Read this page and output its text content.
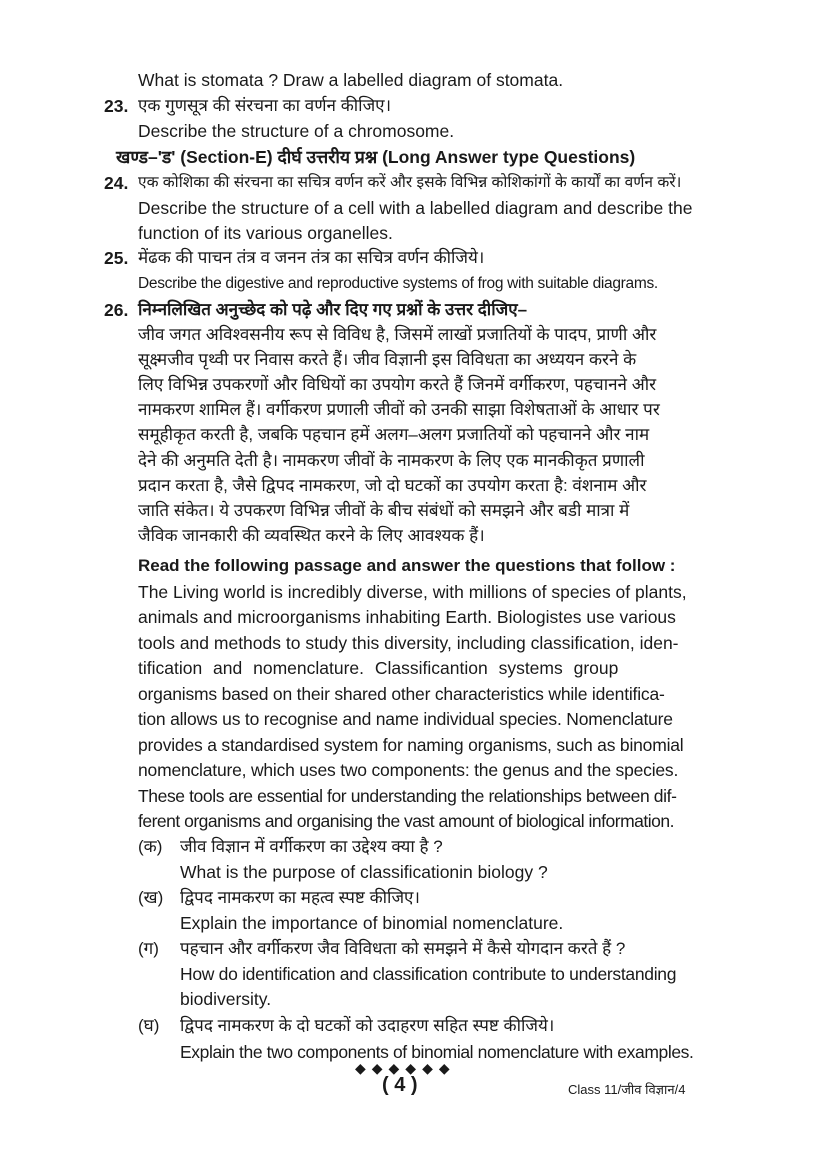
What is stomata ? Draw a labelled diagram of stomata.
23. एक गुणसूत्र की संरचना का वर्णन कीजिए।
Describe the structure of a chromosome.
खण्ड–'ड' (Section-E) दीर्घ उत्तरीय प्रश्न (Long Answer type Questions)
24. एक कोशिका की संरचना का सचित्र वर्णन करें और इसके विभिन्न कोशिकांगों के कार्यों का वर्णन करें।
Describe the structure of a cell with a labelled diagram and describe the
function of its various organelles.
25. मेंढक की पाचन तंत्र व जनन तंत्र का सचित्र वर्णन कीजिये।
Describe the digestive and reproductive systems of frog with suitable diagrams.
26. निम्नलिखित अनुच्छेद को पढ़े और दिए गए प्रश्नों के उत्तर दीजिए–
जीव जगत अविश्वसनीय रूप से विविध है, जिसमें लाखों प्रजातियों के पादप, प्राणी और
सूक्ष्मजीव पृथ्वी पर निवास करते हैं। जीव विज्ञानी इस विविधता का अध्ययन करने के
लिए विभिन्न उपकरणों और विधियों का उपयोग करते हैं जिनमें वर्गीकरण, पहचानने और
नामकरण शामिल हैं। वर्गीकरण प्रणाली जीवों को उनकी साझा विशेषताओं के आधार पर
समूहीकृत करती है, जबकि पहचान हमें अलग–अलग प्रजातियों को पहचानने और नाम
देने की अनुमति देती है। नामकरण जीवों के नामकरण के लिए एक मानकीकृत प्रणाली
प्रदान करता है, जैसे द्विपद नामकरण, जो दो घटकों का उपयोग करता है: वंशनाम और
जाति संकेत। ये उपकरण विभिन्न जीवों के बीच संबंधों को समझने और बडी मात्रा में
जैविक जानकारी की व्यवस्थित करने के लिए आवश्यक हैं।
Read the following passage and answer the questions that follow :
The Living world is incredibly diverse, with millions of species of plants,
animals and microorganisms inhabiting Earth. Biologistes use various
tools and methods to study this diversity, including classification, iden-
tification and nomenclature. Classificantion systems group
organisms based on their shared other characteristics while identifica-
tion allows us to recognise and name individual species. Nomenclature
provides a standardised system for naming organisms, such as binomial
nomenclature, which uses two components: the genus and the species.
These tools are essential for understanding the relationships between dif-
ferent organisms and organising the vast amount of biological information.
(क) जीव विज्ञान में वर्गीकरण का उद्देश्य क्या है ?
What is the purpose of classificationin biology ?
(ख) द्विपद नामकरण का महत्व स्पष्ट कीजिए।
Explain the importance of binomial nomenclature.
(ग) पहचान और वर्गीकरण जैव विविधता को समझने में कैसे योगदान करते हैं ?
How do identification and classification contribute to understanding
biodiversity.
(घ) द्विपद नामकरण के दो घटकों को उदाहरण सहित स्पष्ट कीजिये।
Explain the two components of binomial nomenclature with examples.
◆◆◆◆◆◆
( 4 )	Class 11/जीव विज्ञान/4
